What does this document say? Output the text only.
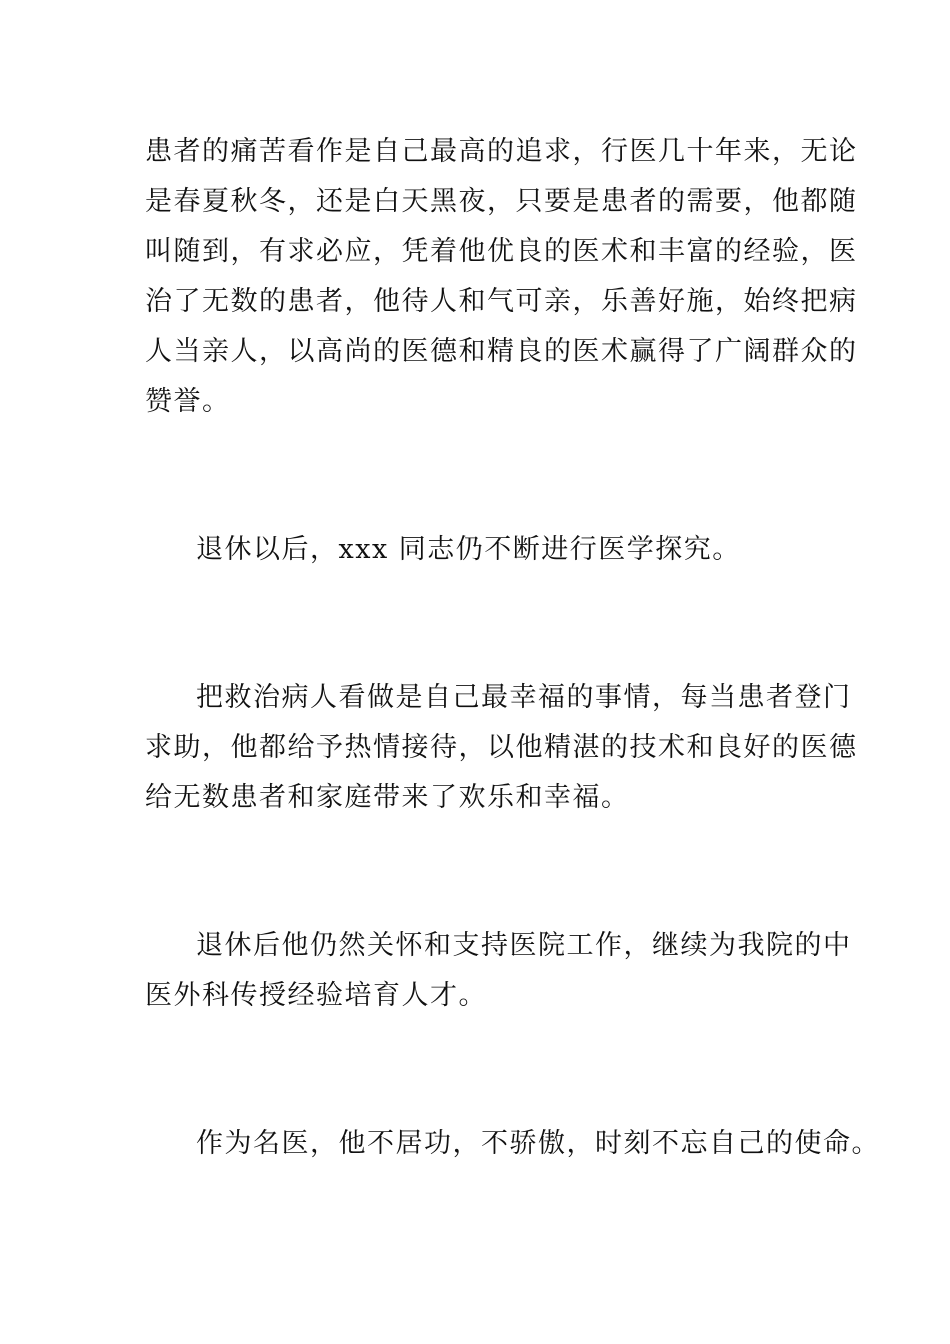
患者的痛苦看作是自己最高的追求，行医几十年来，无论
是春夏秋冬，还是白天黑夜，只要是患者的需要，他都随
叫随到，有求必应，凭着他优良的医术和丰富的经验，医
治了无数的患者，他待人和气可亲，乐善好施，始终把病
人当亲人，以高尚的医德和精良的医术赢得了广阔群众的
赞誉。
退休以后，xxx 同志仍不断进行医学探究。
把救治病人看做是自己最幸福的事情，每当患者登门
求助，他都给予热情接待，以他精湛的技术和良好的医德
给无数患者和家庭带来了欢乐和幸福。
退休后他仍然关怀和支持医院工作，继续为我院的中
医外科传授经验培育人才。
作为名医，他不居功，不骄傲，时刻不忘自己的使命。
